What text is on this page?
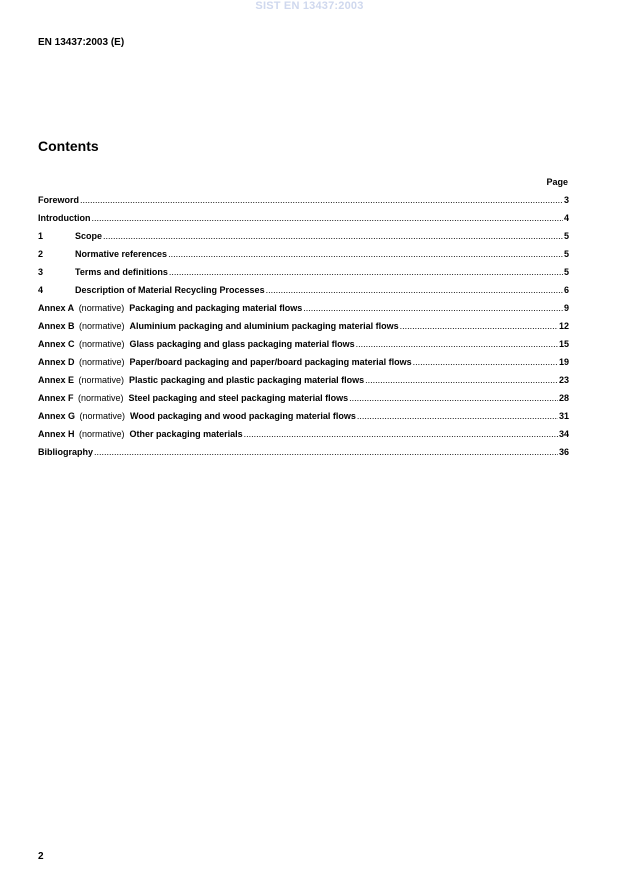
SIST EN 13437:2003
EN 13437:2003 (E)
Contents
Page
Foreword .....	3
Introduction .....	4
1	Scope .....	5
2	Normative references .....	5
3	Terms and definitions .....	5
4	Description of Material Recycling Processes .....	6
Annex A (normative) Packaging and packaging material flows .....	9
Annex B (normative) Aluminium packaging and aluminium packaging material flows .....	12
Annex C (normative) Glass packaging and glass packaging material flows .....	15
Annex D (normative) Paper/board packaging and paper/board packaging material flows .....	19
Annex E (normative) Plastic packaging and plastic packaging material flows .....	23
Annex F (normative) Steel packaging and steel packaging material flows .....	28
Annex G (normative) Wood packaging and wood packaging material flows .....	31
Annex H (normative) Other packaging materials .....	34
Bibliography .....	36
2
